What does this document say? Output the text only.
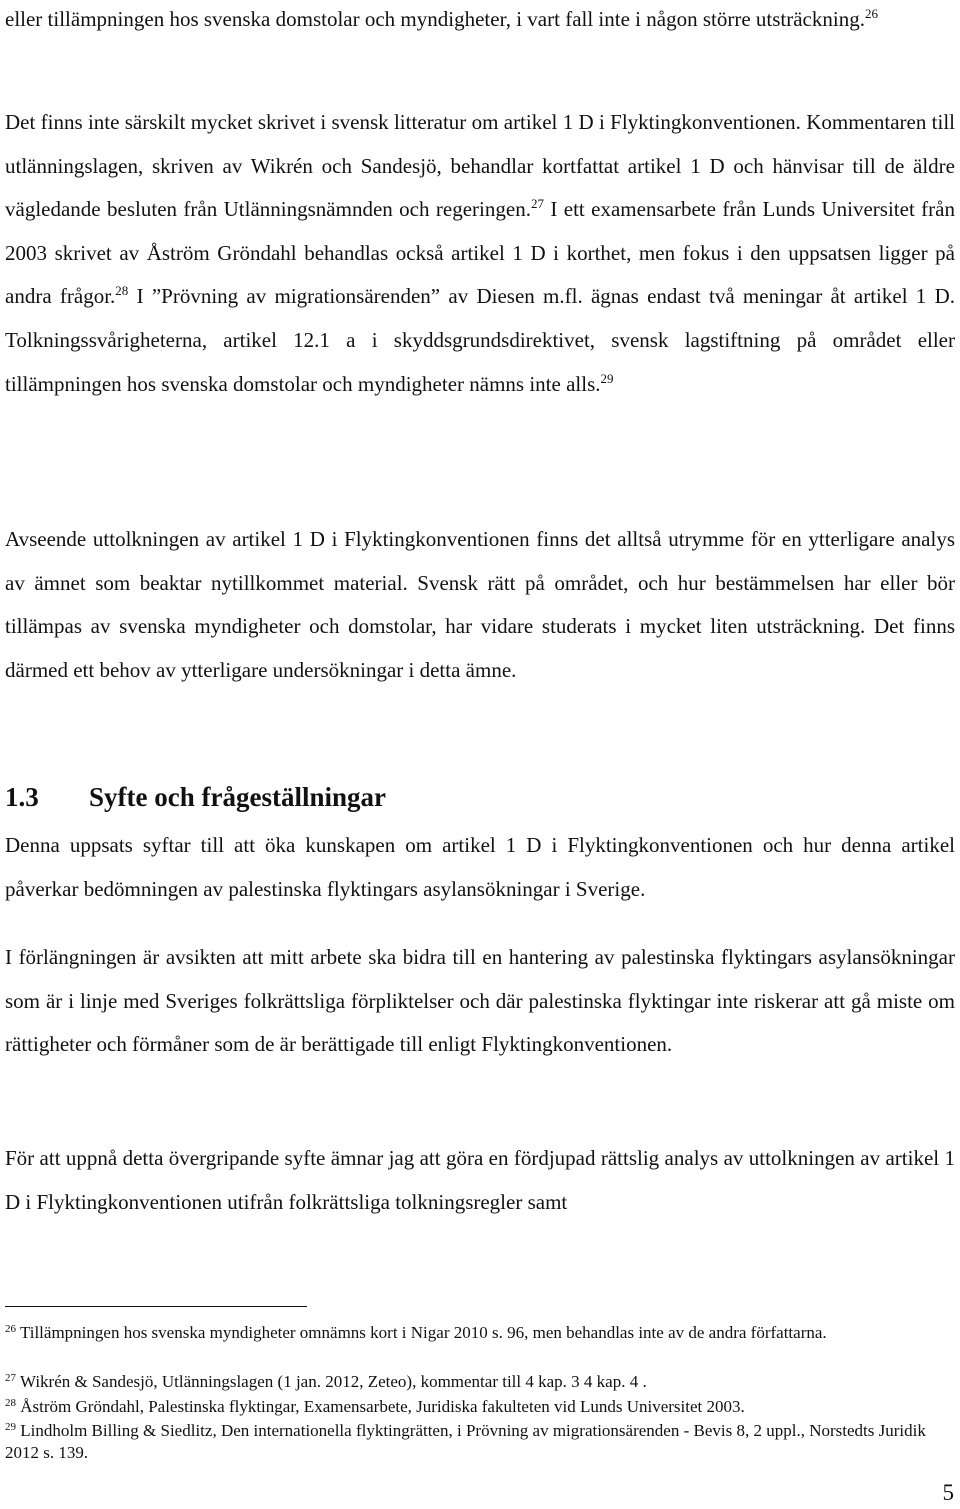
eller tillämpningen hos svenska domstolar och myndigheter, i vart fall inte i någon större utsträckning.$^{26}$

Det finns inte särskilt mycket skrivet i svensk litteratur om artikel 1 D i Flyktingkonventionen. Kommentaren till utlänningslagen, skriven av Wikrén och Sandesjö, behandlar kortfattat artikel 1 D och hänvisar till de äldre vägledande besluten från Utlänningsnämnden och regeringen.$^{27}$ I ett examensarbete från Lunds Universitet från 2003 skrivet av Åström Gröndahl behandlas också artikel 1 D i korthet, men fokus i den uppsatsen ligger på andra frågor.$^{28}$ I ”Prövning av migrationsärenden” av Diesen m.fl. ägnas endast två meningar åt artikel 1 D. Tolkningssvårigheterna, artikel 12.1 a i skyddsgrundsdirektivet, svensk lagstiftning på området eller tillämpningen hos svenska domstolar och myndigheter nämns inte alls.$^{29}$

Avseende uttolkningen av artikel 1 D i Flyktingkonventionen finns det alltså utrymme för en ytterligare analys av ämnet som beaktar nytillkommet material. Svensk rätt på området, och hur bestämmelsen har eller bör tillämpas av svenska myndigheter och domstolar, har vidare studerats i mycket liten utsträckning. Det finns därmed ett behov av ytterligare undersökningar i detta ämne.

1.3 Syfte och frågeställningar

Denna uppsats syftar till att öka kunskapen om artikel 1 D i Flyktingkonventionen och hur denna artikel påverkar bedömningen av palestinska flyktingars asylansökningar i Sverige.

I förlängningen är avsikten att mitt arbete ska bidra till en hantering av palestinska flyktingars asylansökningar som är i linje med Sveriges folkrättsliga förpliktelser och där palestinska flyktingar inte riskerar att gå miste om rättigheter och förmåner som de är berättigade till enligt Flyktingkonventionen.

För att uppnå detta övergripande syfte ämnar jag att göra en fördjupad rättslig analys av uttolkningen av artikel 1 D i Flyktingkonventionen utifrån folkrättsliga tolkningsregler samt

$^{26}$ Tillämpningen hos svenska myndigheter omnämns kort i Nigar 2010 s. 96, men behandlas inte av de andra författarna.
$^{27}$ Wikrén & Sandesjö, Utlänningslagen (1 jan. 2012, Zeteo), kommentar till 4 kap. 3 4 kap. 4 .
$^{28}$ Åström Gröndahl, Palestinska flyktingar, Examensarbete, Juridiska fakulteten vid Lunds Universitet 2003.
$^{29}$ Lindholm Billing & Siedlitz, Den internationella flyktingrätten, i Prövning av migrationsärenden - Bevis 8, 2 uppl., Norstedts Juridik 2012 s. 139.
5
